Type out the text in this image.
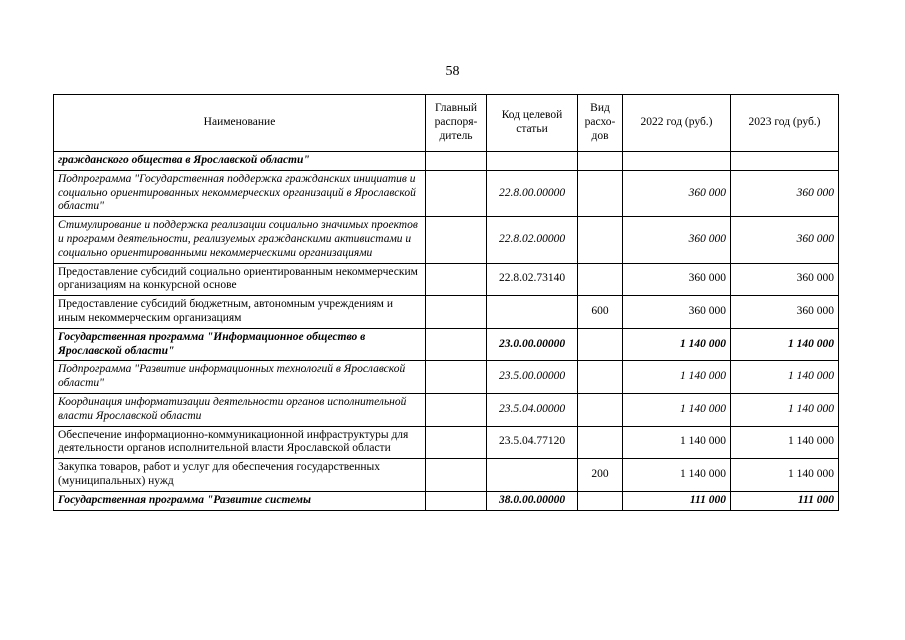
58
Наименование	Главный распоря-дитель	Код целевой статьи	Вид расхо-дов	2022 год (руб.)	2023 год (руб.)
гражданского общества в Ярославской области"					
Подпрограмма "Государственная поддержка гражданских инициатив и социально ориентированных некоммерческих организаций в Ярославской области"		22.8.00.00000		360 000	360 000
Стимулирование и поддержка реализации социально значимых проектов и программ деятельности, реализуемых гражданскими активистами и социально ориентированными некоммерческими организациями		22.8.02.00000		360 000	360 000
Предоставление субсидий социально ориентированным некоммерческим организациям на конкурсной основе		22.8.02.73140		360 000	360 000
Предоставление субсидий бюджетным, автономным учреждениям и иным некоммерческим организациям			600	360 000	360 000
Государственная программа "Информационное общество в Ярославской области"		23.0.00.00000		1 140 000	1 140 000
Подпрограмма "Развитие информационных технологий в Ярославской области"		23.5.00.00000		1 140 000	1 140 000
Координация информатизации деятельности органов исполнительной власти Ярославской области		23.5.04.00000		1 140 000	1 140 000
Обеспечение информационно-коммуникационной инфраструктуры для деятельности органов исполнительной власти Ярославской области		23.5.04.77120		1 140 000	1 140 000
Закупка товаров, работ и услуг для обеспечения государственных (муниципальных) нужд			200	1 140 000	1 140 000
Государственная программа "Развитие системы		38.0.00.00000		111 000	111 000
